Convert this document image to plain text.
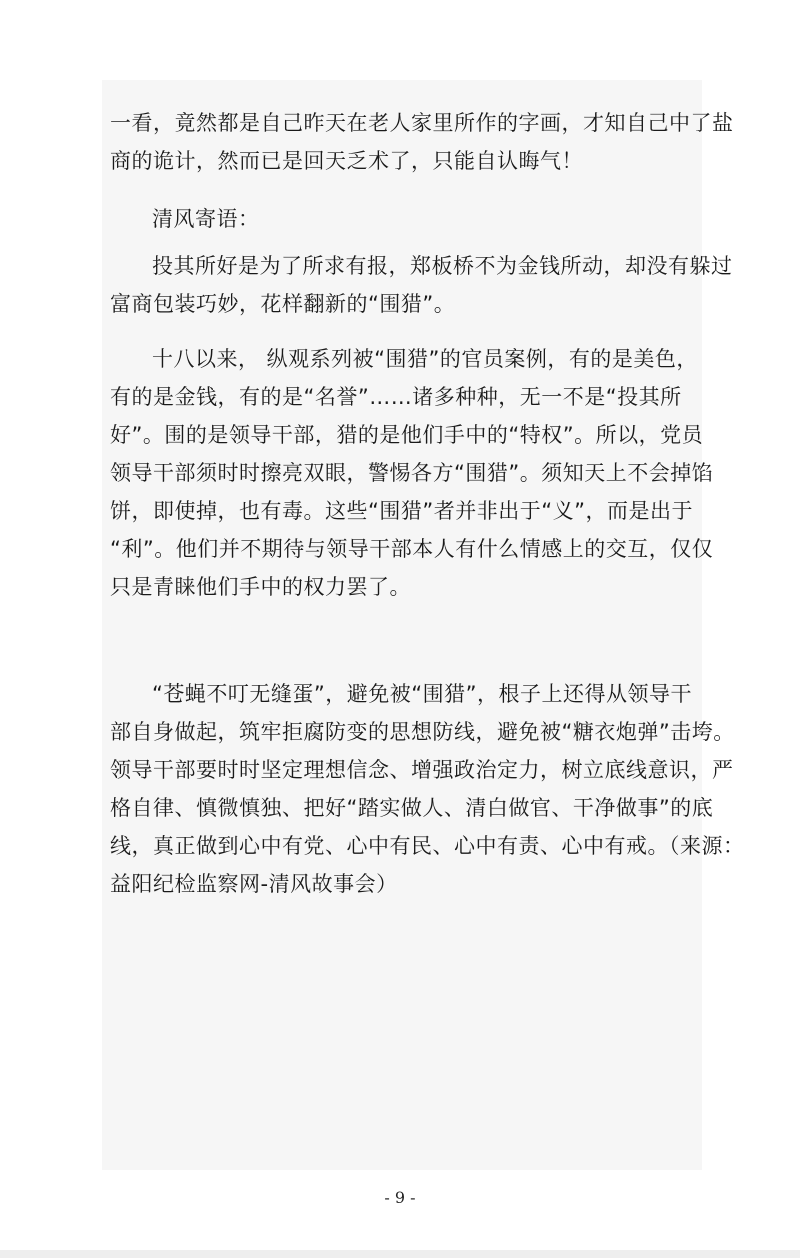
一看，竟然都是自己昨天在老人家里所作的字画，才知自己中了盐
商的诡计，然而已是回天乏术了，只能自认晦气！
清风寄语：
投其所好是为了所求有报，郑板桥不为金钱所动，却没有躲过
富商包装巧妙，花样翻新的“围猎”。
十八以来， 纵观系列被“围猎”的官员案例，有的是美色，
有的是金钱，有的是“名誉”……诸多种种，无一不是“投其所
好”。围的是领导干部，猎的是他们手中的“特权”。所以，党员
领导干部须时时擦亮双眼，警惕各方“围猎”。须知天上不会掉馅
饼，即使掉，也有毒。这些“围猎”者并非出于“义”，而是出于
“利”。他们并不期待与领导干部本人有什么情感上的交互，仅仅
只是青睐他们手中的权力罢了。
“苍蝇不叮无缝蛋”，避免被“围猎”，根子上还得从领导干
部自身做起，筑牢拒腐防变的思想防线，避免被“糖衣炮弹”击垮。
领导干部要时时坚定理想信念、增强政治定力，树立底线意识，严
格自律、慎微慎独、把好“踏实做人、清白做官、干净做事”的底
线，真正做到心中有党、心中有民、心中有责、心中有戒。（来源：
益阳纪检监察网-清风故事会）
- 9 -
